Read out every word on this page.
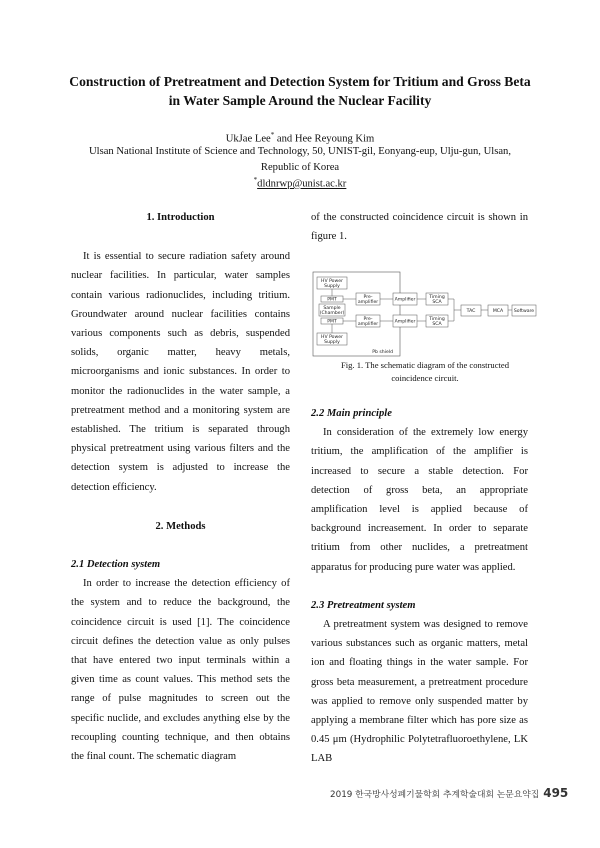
Construction of Pretreatment and Detection System for Tritium and Gross Beta
in Water Sample Around the Nuclear Facility
UkJae Lee* and Hee Reyoung Kim
Ulsan National Institute of Science and Technology, 50, UNIST-gil, Eonyang-eup, Ulju-gun, Ulsan,
Republic of Korea
*dldnrwp@unist.ac.kr
1. Introduction
It is essential to secure radiation safety around nuclear facilities. In particular, water samples contain various radionuclides, including tritium. Groundwater around nuclear facilities contains various components such as debris, suspended solids, organic matter, heavy metals, microorganisms and ionic substances. In order to monitor the radionuclides in the water sample, a pretreatment method and a monitoring system are established. The tritium is separated through physical pretreatment using various filters and the detection system is adjusted to increase the detection efficiency.
2. Methods
2.1 Detection system
In order to increase the detection efficiency of the system and to reduce the background, the coincidence circuit is used [1]. The coincidence circuit defines the detection value as only pulses that have entered two input terminals within a given time as count values. This method sets the range of pulse magnitudes to screen out the specific nuclide, and excludes anything else by the recoupling counting technique, and then obtains the final count. The schematic diagram
of the constructed coincidence circuit is shown in figure 1.
Pb shield
HV Power
Supply
PMT
Sample
(Chamber)
PMT
HV Power
Supply
Pre-
amplifier
Pre-
amplifier
Amplifier
Amplifier
Timing
SCA
Timing
SCA
TAC	MCA Software
Fig. 1. The schematic diagram of the constructed
coincidence circuit.
2.2 Main principle
In consideration of the extremely low energy tritium, the amplification of the amplifier is increased to secure a stable detection. For detection of gross beta, an appropriate amplification level is applied because of background increasement. In order to separate tritium from other nuclides, a pretreatment apparatus for producing pure water was applied.
2.3 Pretreatment system
A pretreatment system was designed to remove various substances such as organic matters, metal ion and floating things in the water sample. For gross beta measurement, a pretreatment procedure was applied to remove only suspended matter by applying a membrane filter which has pore size as 0.45 μm (Hydrophilic Polytetrafluoroethylene, LK LAB
2019 한국방사성폐기물학회 추계학술대회 논문요약집 495
